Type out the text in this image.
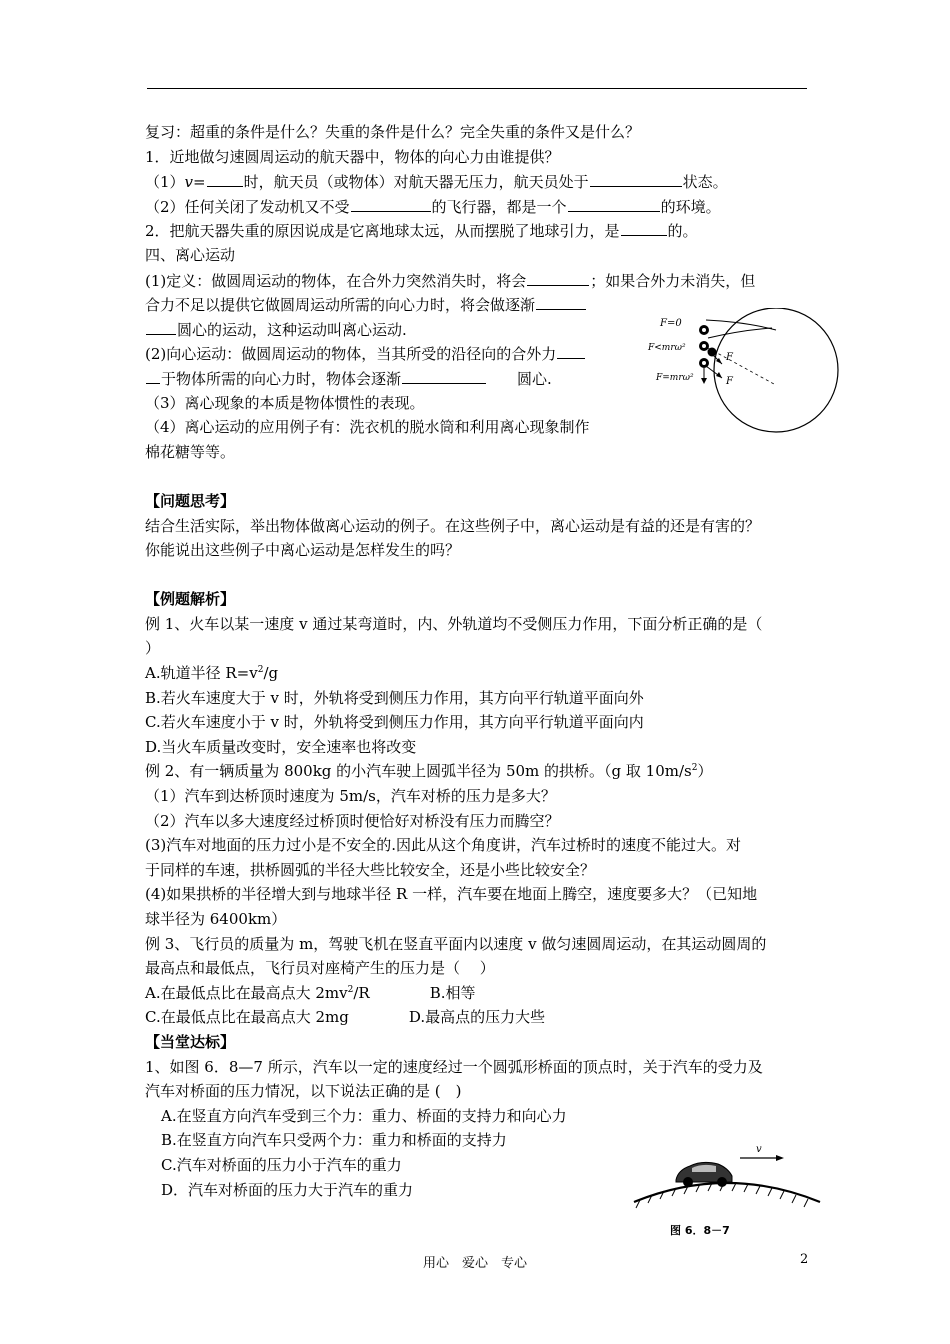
复习：超重的条件是什么？失重的条件是什么？完全失重的条件又是什么？
1．近地做匀速圆周运动的航天器中，物体的向心力由谁提供？
（1）v=	时，航天员（或物体）对航天器无压力，航天员处于	状态。
（2）任何关闭了发动机又不受	的飞行器，都是一个	的环境。
2．把航天器失重的原因说成是它离地球太远，从而摆脱了地球引力，是	的。
四、离心运动
(1)定义：做圆周运动的物体，在合外力突然消失时，将会	；如果合外力未消失，但
合力不足以提供它做圆周运动所需的向心力时，将会做逐渐
圆心的运动，这种运动叫离心运动.
(2)向心运动：做圆周运动的物体，当其所受的沿径向的合外力
于物体所需的向心力时，物体会逐渐	　　圆心.
（3）离心现象的本质是物体惯性的表现。
（4）离心运动的应用例子有：洗衣机的脱水筒和利用离心现象制作
棉花糖等等。
【问题思考】
结合生活实际，举出物体做离心运动的例子。在这些例子中，离心运动是有益的还是有害的？
你能说出这些例子中离心运动是怎样发生的吗？
【例题解析】
例 1、火车以某一速度 v 通过某弯道时，内、外轨道均不受侧压力作用，下面分析正确的是（
）
A.轨道半径 $R=v^2/g$
B.若火车速度大于 v 时，外轨将受到侧压力作用，其方向平行轨道平面向外
C.若火车速度小于 v 时，外轨将受到侧压力作用，其方向平行轨道平面向内
D.当火车质量改变时，安全速率也将改变
例 2、有一辆质量为 800kg 的小汽车驶上圆弧半径为 50m 的拱桥。（g 取 $10m/s^2$）
（1）汽车到达桥顶时速度为 5m/s，汽车对桥的压力是多大？
（2）汽车以多大速度经过桥顶时便恰好对桥没有压力而腾空？
(3)汽车对地面的压力过小是不安全的.因此从这个角度讲，汽车过桥时的速度不能过大。对
于同样的车速，拱桥圆弧的半径大些比较安全，还是小些比较安全？
(4)如果拱桥的半径增大到与地球半径 R 一样，汽车要在地面上腾空，速度要多大？（已知地
球半径为 6400km）
例 3、飞行员的质量为 m，驾驶飞机在竖直平面内以速度 v 做匀速圆周运动，在其运动圆周的
最高点和最低点，飞行员对座椅产生的压力是（　 ）
A.在最低点比在最高点大 $2mv^2/R$　　　　B.相等
C.在最低点比在最高点大 2mg　　　　D.最高点的压力大些
【当堂达标】
1、如图 6．8—7 所示，汽车以一定的速度经过一个圆弧形桥面的顶点时，关于汽车的受力及
汽车对桥面的压力情况，以下说法正确的是 (　)
A.在竖直方向汽车受到三个力：重力、桥面的支持力和向心力
B.在竖直方向汽车只受两个力：重力和桥面的支持力
C.汽车对桥面的压力小于汽车的重力
D．汽车对桥面的压力大于汽车的重力
F=0
F<mrω²
F=mrω²
F
F
v
图 6．8－7
用心　爱心　专心	2
